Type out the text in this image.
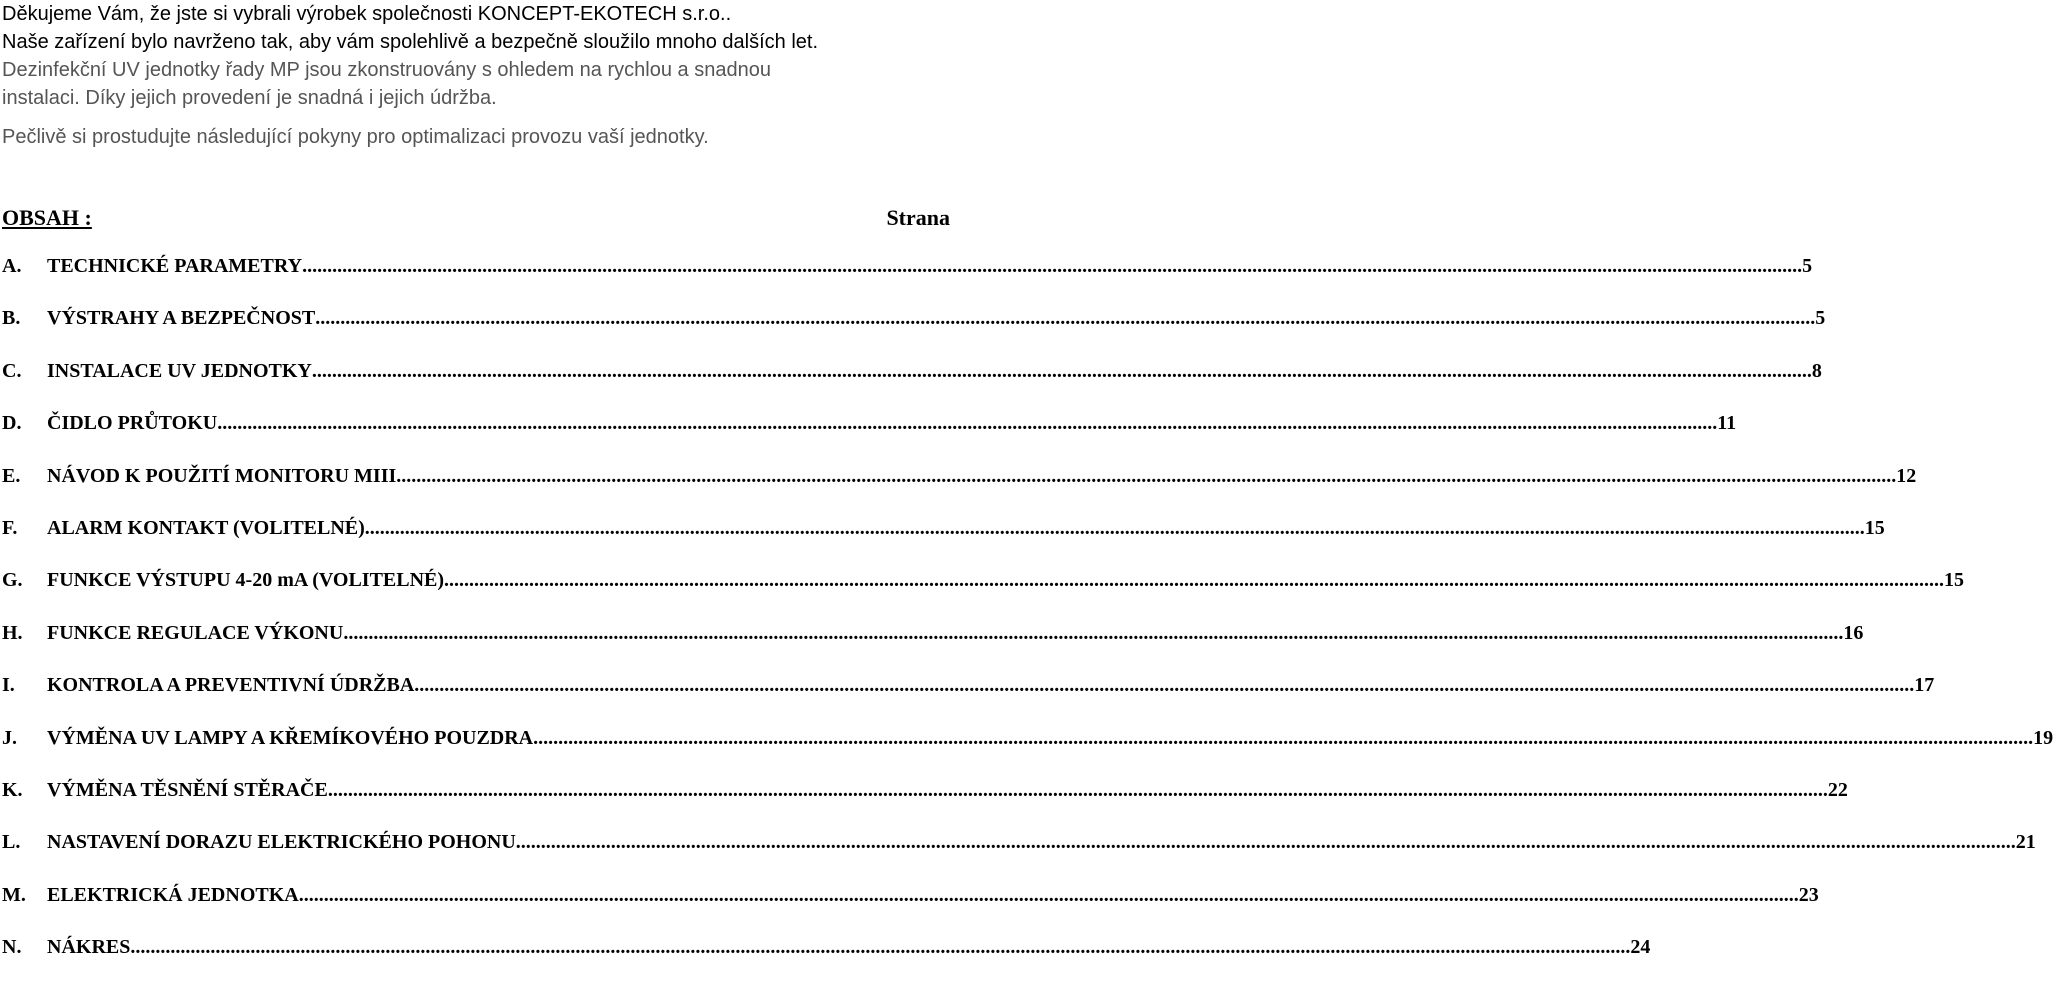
Děkujeme Vám, že jste si vybrali výrobek společnosti KONCEPT-EKOTECH s.r.o..
Naše zařízení bylo navrženo tak, aby vám spolehlivě a bezpečně sloužilo mnoho dalších let.
Dezinfekční UV jednotky řady MP jsou zkonstruovány s ohledem na rychlou a snadnou
instalaci. Díky jejich provedení je snadná i jejich údržba.
Pečlivě si prostudujte následující pokyny pro optimalizaci provozu vaší jednotky.
OBSAH :	Strana
A.	TECHNICKÉ PARAMETRY ............................................................................................................................................................................................................................................................................................................ 5
B.	VÝSTRAHY A BEZPEČNOST ............................................................................................................................................................................................................................................................................................................ 5
C.	INSTALACE UV JEDNOTKY ............................................................................................................................................................................................................................................................................................................ 8
D.	ČIDLO PRŮTOKU ............................................................................................................................................................................................................................................................................................................ 11
E.	NÁVOD K POUŽITÍ MONITORU MIII ............................................................................................................................................................................................................................................................................................................ 12
F.	ALARM KONTAKT (VOLITELNÉ) ............................................................................................................................................................................................................................................................................................................ 15
G.	FUNKCE VÝSTUPU 4-20 mA (VOLITELNÉ) ............................................................................................................................................................................................................................................................................................................ 15
H.	FUNKCE REGULACE VÝKONU ............................................................................................................................................................................................................................................................................................................ 16
I.	KONTROLA A PREVENTIVNÍ ÚDRŽBA ............................................................................................................................................................................................................................................................................................................ 17
J.	VÝMĚNA UV LAMPY A KŘEMÍKOVÉHO POUZDRA ............................................................................................................................................................................................................................................................................................................ 19
K.	VÝMĚNA TĚSNĚNÍ STĚRAČE ............................................................................................................................................................................................................................................................................................................ 22
L.	NASTAVENÍ DORAZU ELEKTRICKÉHO POHONU ............................................................................................................................................................................................................................................................................................................ 21
M.	ELEKTRICKÁ JEDNOTKA ............................................................................................................................................................................................................................................................................................................ 23
N.	NÁKRES ............................................................................................................................................................................................................................................................................................................ 24
